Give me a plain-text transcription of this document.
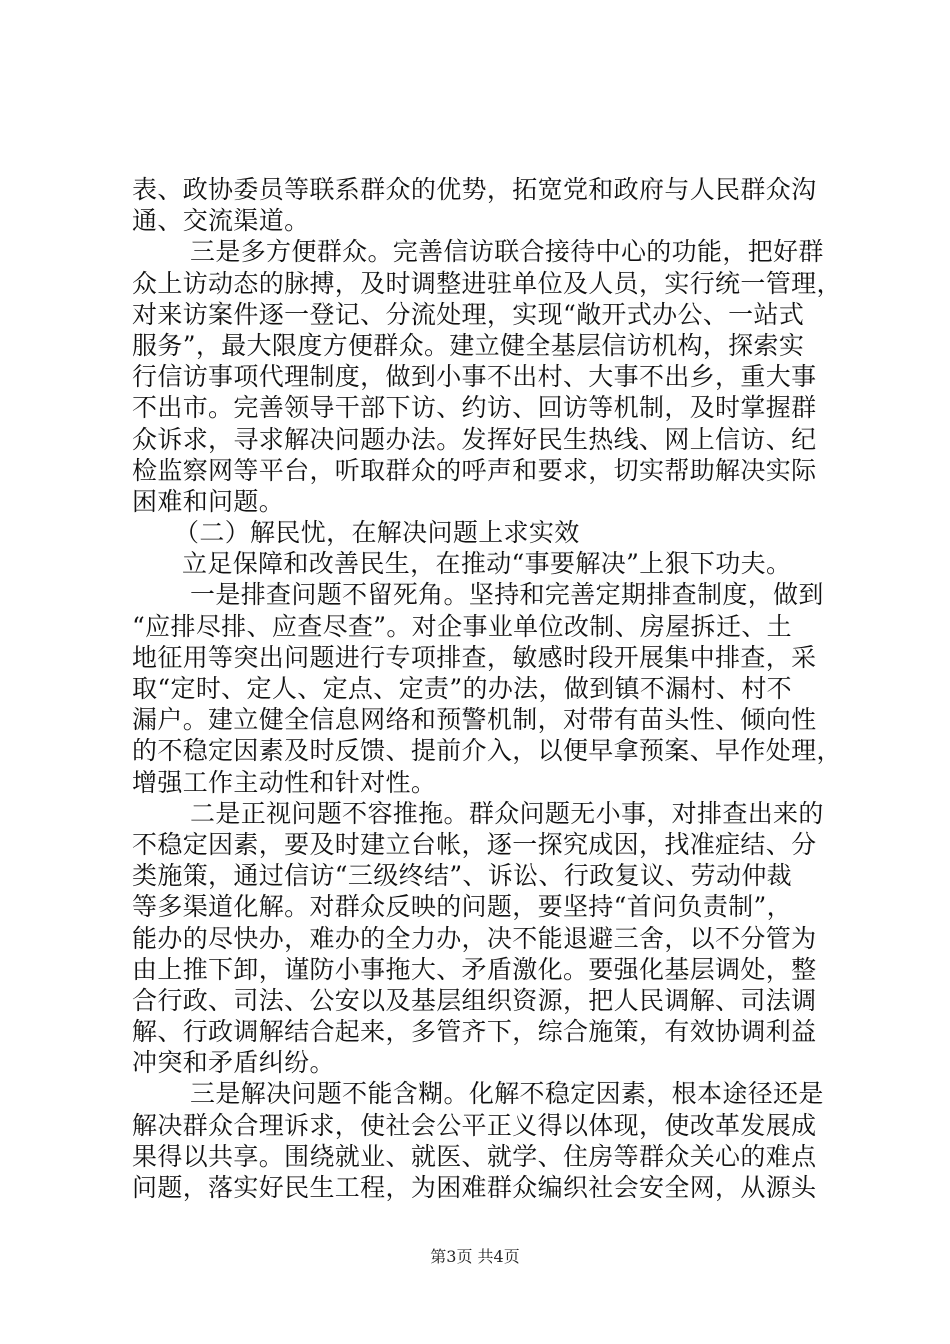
表、政协委员等联系群众的优势，拓宽党和政府与人民群众沟
通、交流渠道。
三是多方便群众。完善信访联合接待中心的功能，把好群
众上访动态的脉搏，及时调整进驻单位及人员，实行统一管理，
对来访案件逐一登记、分流处理，实现“敞开式办公、一站式
服务”，最大限度方便群众。建立健全基层信访机构，探索实
行信访事项代理制度，做到小事不出村、大事不出乡，重大事
不出市。完善领导干部下访、约访、回访等机制，及时掌握群
众诉求，寻求解决问题办法。发挥好民生热线、网上信访、纪
检监察网等平台，听取群众的呼声和要求，切实帮助解决实际
困难和问题。
（二）解民忧，在解决问题上求实效
立足保障和改善民生，在推动“事要解决”上狠下功夫。
一是排查问题不留死角。坚持和完善定期排查制度，做到
“应排尽排、应查尽查”。对企事业单位改制、房屋拆迁、土
地征用等突出问题进行专项排查，敏感时段开展集中排查，采
取“定时、定人、定点、定责”的办法，做到镇不漏村、村不
漏户。建立健全信息网络和预警机制，对带有苗头性、倾向性
的不稳定因素及时反馈、提前介入，以便早拿预案、早作处理，
增强工作主动性和针对性。
二是正视问题不容推拖。群众问题无小事，对排查出来的
不稳定因素，要及时建立台帐，逐一探究成因，找准症结、分
类施策，通过信访“三级终结”、诉讼、行政复议、劳动仲裁
等多渠道化解。对群众反映的问题，要坚持“首问负责制”，
能办的尽快办，难办的全力办，决不能退避三舍，以不分管为
由上推下卸，谨防小事拖大、矛盾激化。要强化基层调处，整
合行政、司法、公安以及基层组织资源，把人民调解、司法调
解、行政调解结合起来，多管齐下，综合施策，有效协调利益
冲突和矛盾纠纷。
三是解决问题不能含糊。化解不稳定因素，根本途径还是
解决群众合理诉求，使社会公平正义得以体现，使改革发展成
果得以共享。围绕就业、就医、就学、住房等群众关心的难点
问题，落实好民生工程，为困难群众编织社会安全网，从源头
第3页 共4页
